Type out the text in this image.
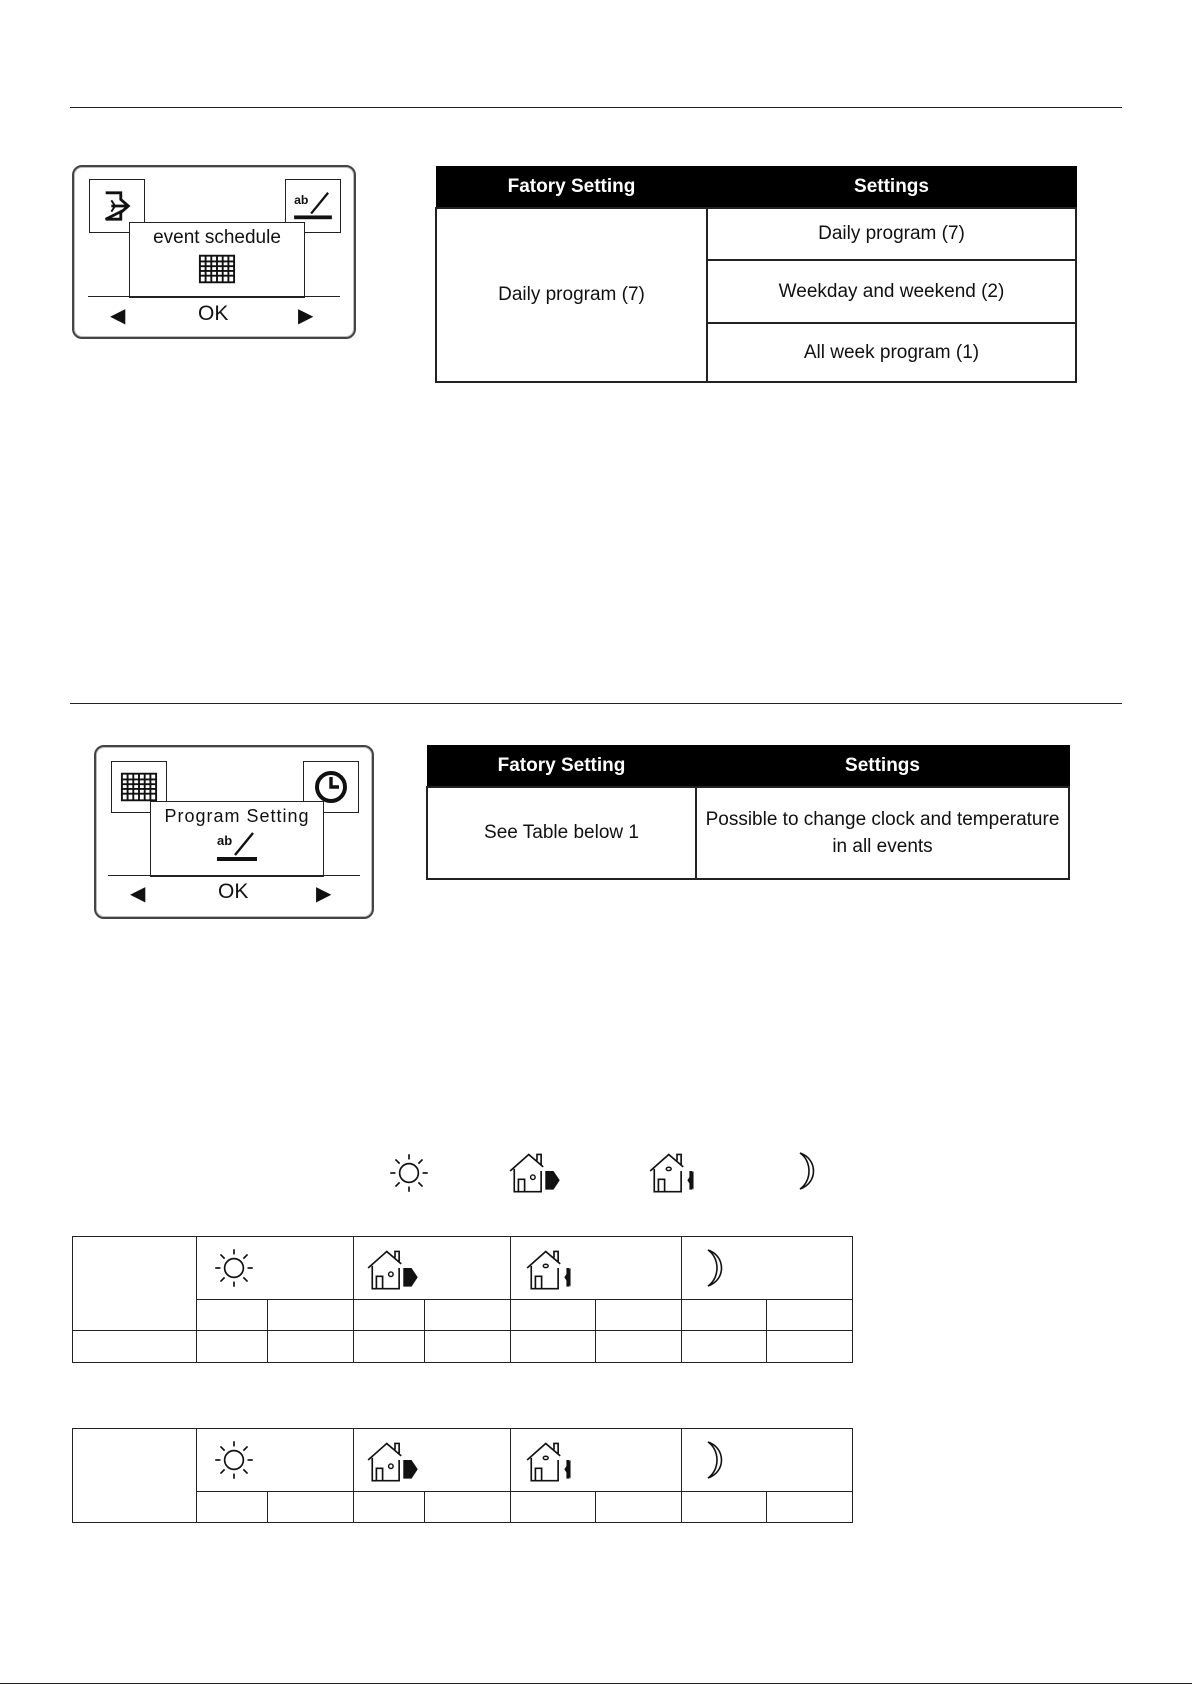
event schedule
◀	OK	▶
Fatory Setting	Settings
Daily program (7)	Daily program (7)
	Weekday and weekend (2)
	All week program (1)
Program Setting
◀	OK	▶
Fatory Setting	Settings
See Table below 1	Possible to change clock and temperature in all events
